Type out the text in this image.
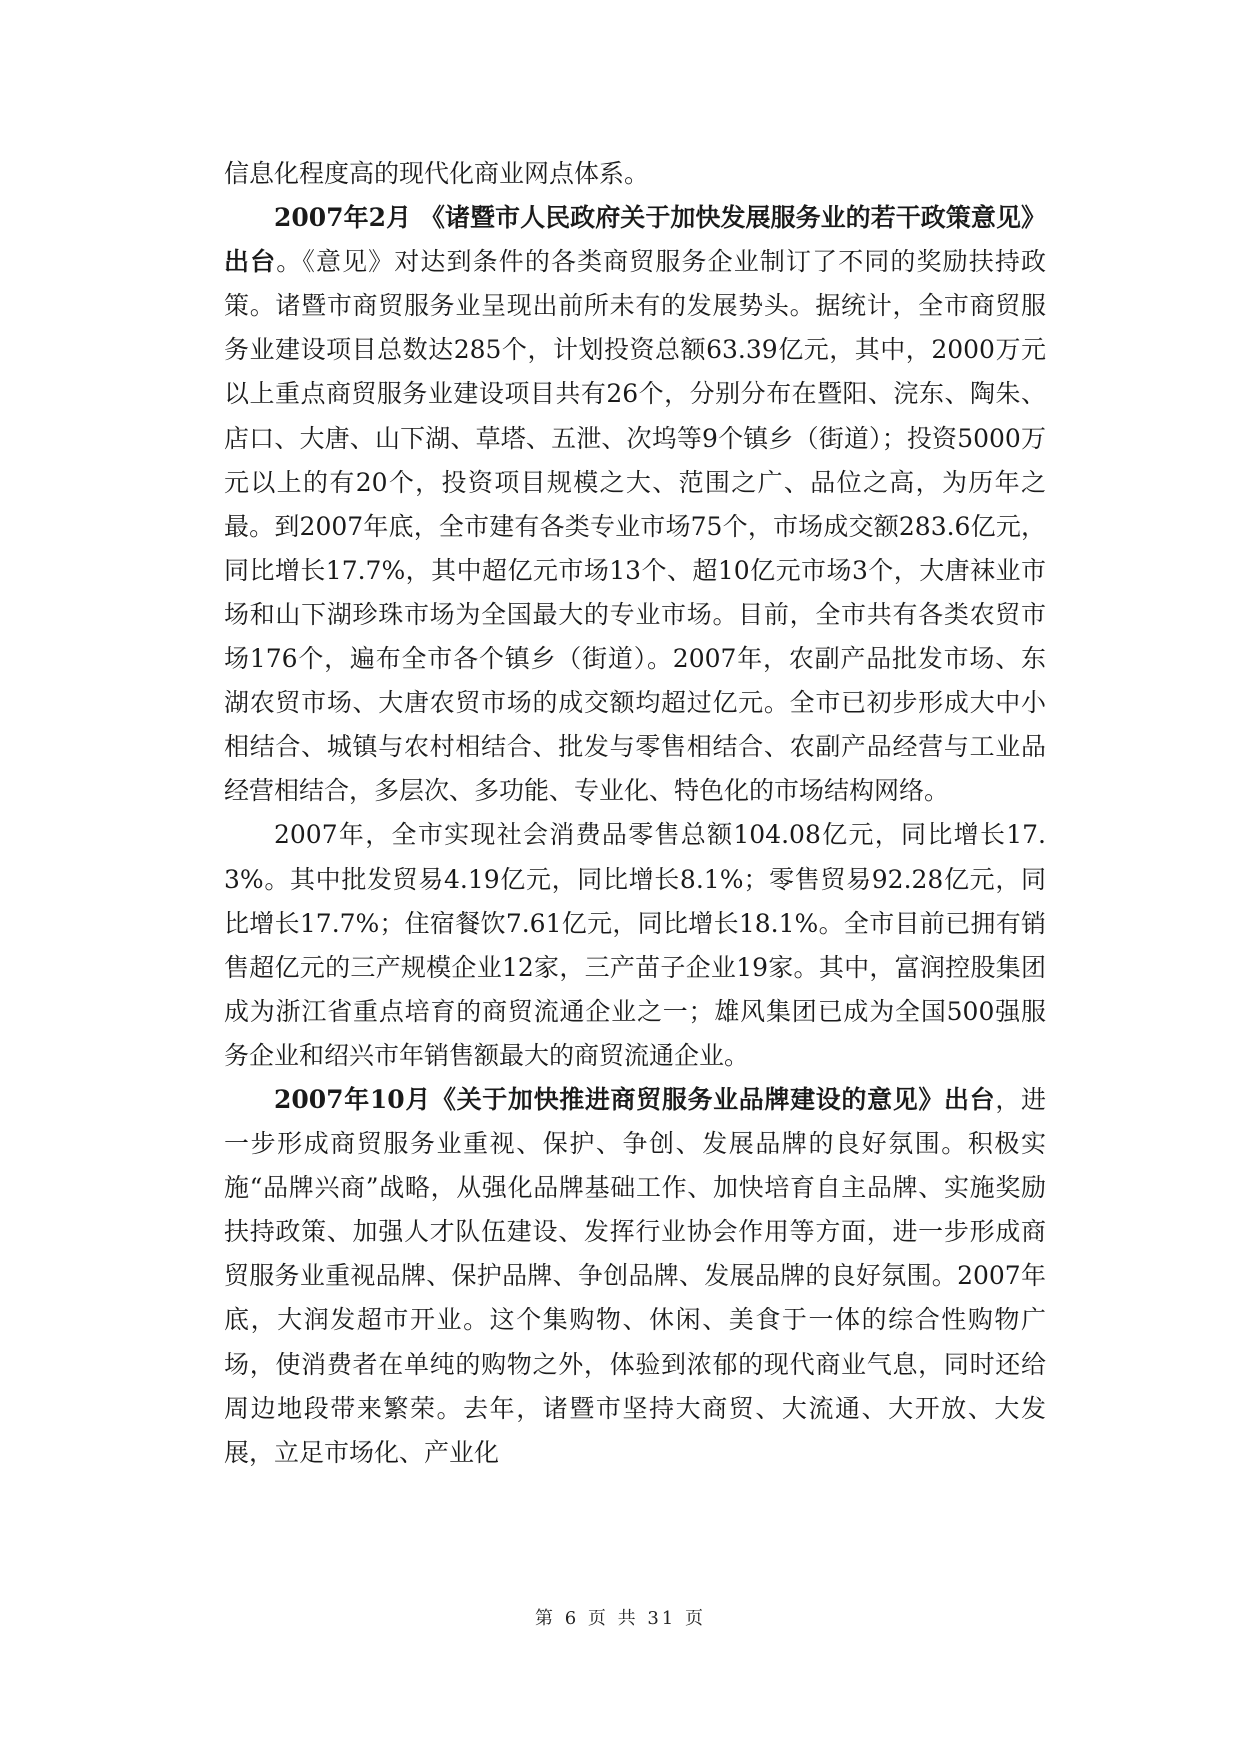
信息化程度高的现代化商业网点体系。

2007年2月 《诸暨市人民政府关于加快发展服务业的若干政策意见》出台。《意见》对达到条件的各类商贸服务企业制订了不同的奖励扶持政策。诸暨市商贸服务业呈现出前所未有的发展势头。据统计，全市商贸服务业建设项目总数达285个，计划投资总额63.39亿元，其中，2000万元以上重点商贸服务业建设项目共有26个，分别分布在暨阳、浣东、陶朱、店口、大唐、山下湖、草塔、五泄、次坞等9个镇乡（街道）；投资5000万元以上的有20个，投资项目规模之大、范围之广、品位之高，为历年之最。到2007年底，全市建有各类专业市场75个，市场成交额283.6亿元，同比增长17.7%，其中超亿元市场13个、超10亿元市场3个，大唐袜业市场和山下湖珍珠市场为全国最大的专业市场。目前，全市共有各类农贸市场176个，遍布全市各个镇乡（街道）。2007年，农副产品批发市场、东湖农贸市场、大唐农贸市场的成交额均超过亿元。全市已初步形成大中小相结合、城镇与农村相结合、批发与零售相结合、农副产品经营与工业品经营相结合，多层次、多功能、专业化、特色化的市场结构网络。

2007年，全市实现社会消费品零售总额104.08亿元，同比增长17.3%。其中批发贸易4.19亿元，同比增长8.1%；零售贸易92.28亿元，同比增长17.7%；住宿餐饮7.61亿元，同比增长18.1%。全市目前已拥有销售超亿元的三产规模企业12家，三产苗子企业19家。其中，富润控股集团成为浙江省重点培育的商贸流通企业之一；雄风集团已成为全国500强服务企业和绍兴市年销售额最大的商贸流通企业。

2007年10月《关于加快推进商贸服务业品牌建设的意见》出台，进一步形成商贸服务业重视、保护、争创、发展品牌的良好氛围。积极实施“品牌兴商”战略，从强化品牌基础工作、加快培育自主品牌、实施奖励扶持政策、加强人才队伍建设、发挥行业协会作用等方面，进一步形成商贸服务业重视品牌、保护品牌、争创品牌、发展品牌的良好氛围。2007年底，大润发超市开业。这个集购物、休闲、美食于一体的综合性购物广场，使消费者在单纯的购物之外，体验到浓郁的现代商业气息，同时还给周边地段带来繁荣。去年，诸暨市坚持大商贸、大流通、大开放、大发展，立足市场化、产业化

第 6 页 共 31 页
